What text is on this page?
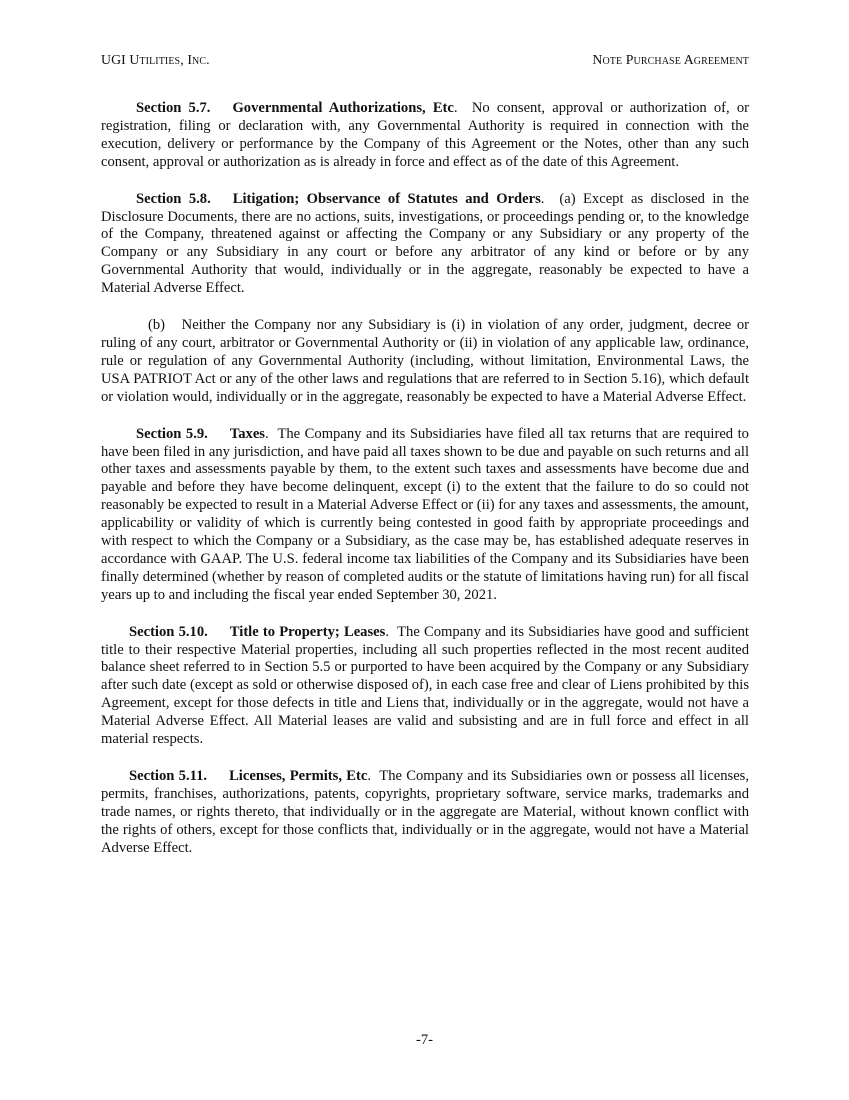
UGI Utilities, Inc.	Note Purchase Agreement

Section 5.7. Governmental Authorizations, Etc.  No consent, approval or authorization of, or registration, filing or declaration with, any Governmental Authority is required in connection with the execution, delivery or performance by the Company of this Agreement or the Notes, other than any such consent, approval or authorization as is already in force and effect as of the date of this Agreement.

Section 5.8. Litigation; Observance of Statutes and Orders.  (a) Except as disclosed in the Disclosure Documents, there are no actions, suits, investigations, or proceedings pending or, to the knowledge of the Company, threatened against or affecting the Company or any Subsidiary or any property of the Company or any Subsidiary in any court or before any arbitrator of any kind or before or by any Governmental Authority that would, individually or in the aggregate, reasonably be expected to have a Material Adverse Effect.

(b)   Neither the Company nor any Subsidiary is (i) in violation of any order, judgment, decree or ruling of any court, arbitrator or Governmental Authority or (ii) in violation of any applicable law, ordinance, rule or regulation of any Governmental Authority (including, without limitation, Environmental Laws, the USA PATRIOT Act or any of the other laws and regulations that are referred to in Section 5.16), which default or violation would, individually or in the aggregate, reasonably be expected to have a Material Adverse Effect.

Section 5.9. Taxes.  The Company and its Subsidiaries have filed all tax returns that are required to have been filed in any jurisdiction, and have paid all taxes shown to be due and payable on such returns and all other taxes and assessments payable by them, to the extent such taxes and assessments have become due and payable and before they have become delinquent, except (i) to the extent that the failure to do so could not reasonably be expected to result in a Material Adverse Effect or (ii) for any taxes and assessments, the amount, applicability or validity of which is currently being contested in good faith by appropriate proceedings and with respect to which the Company or a Subsidiary, as the case may be, has established adequate reserves in accordance with GAAP. The U.S. federal income tax liabilities of the Company and its Subsidiaries have been finally determined (whether by reason of completed audits or the statute of limitations having run) for all fiscal years up to and including the fiscal year ended September 30, 2021.

Section 5.10. Title to Property; Leases.  The Company and its Subsidiaries have good and sufficient title to their respective Material properties, including all such properties reflected in the most recent audited balance sheet referred to in Section 5.5 or purported to have been acquired by the Company or any Subsidiary after such date (except as sold or otherwise disposed of), in each case free and clear of Liens prohibited by this Agreement, except for those defects in title and Liens that, individually or in the aggregate, would not have a Material Adverse Effect. All Material leases are valid and subsisting and are in full force and effect in all material respects.

Section 5.11. Licenses, Permits, Etc.  The Company and its Subsidiaries own or possess all licenses, permits, franchises, authorizations, patents, copyrights, proprietary software, service marks, trademarks and trade names, or rights thereto, that individually or in the aggregate are Material, without known conflict with the rights of others, except for those conflicts that, individually or in the aggregate, would not have a Material Adverse Effect.

-7-
